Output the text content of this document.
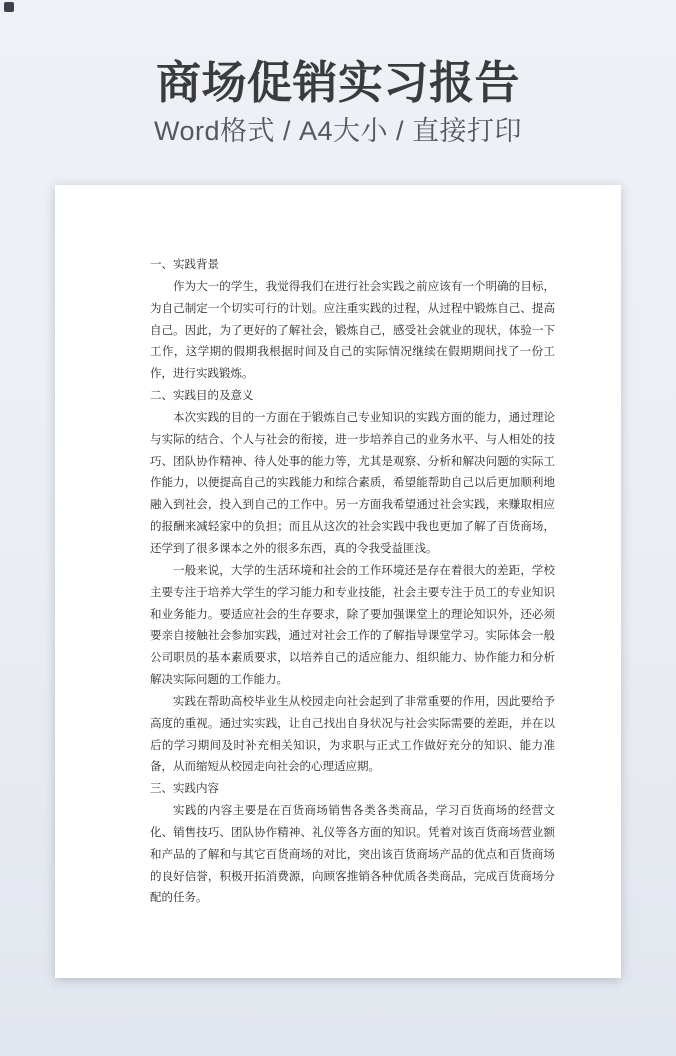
商场促销实习报告
Word格式 / A4大小 / 直接打印

一、实践背景

作为大一的学生，我觉得我们在进行社会实践之前应该有一个明确的目标，为自己制定一个切实可行的计划。应注重实践的过程，从过程中锻炼自己、提高自己。因此，为了更好的了解社会，锻炼自己，感受社会就业的现状，体验一下工作，这学期的假期我根据时间及自己的实际情况继续在假期期间找了一份工作，进行实践锻炼。

二、实践目的及意义

本次实践的目的一方面在于锻炼自己专业知识的实践方面的能力，通过理论与实际的结合、个人与社会的衔接，进一步培养自己的业务水平、与人相处的技巧、团队协作精神、待人处事的能力等，尤其是观察、分析和解决问题的实际工作能力，以便提高自己的实践能力和综合素质，希望能帮助自己以后更加顺利地融入到社会，投入到自己的工作中。另一方面我希望通过社会实践，来赚取相应的报酬来减轻家中的负担；而且从这次的社会实践中我也更加了解了百货商场，还学到了很多课本之外的很多东西，真的令我受益匪浅。

一般来说，大学的生活环境和社会的工作环境还是存在着很大的差距，学校主要专注于培养大学生的学习能力和专业技能，社会主要专注于员工的专业知识和业务能力。要适应社会的生存要求，除了要加强课堂上的理论知识外，还必须要亲自接触社会参加实践，通过对社会工作的了解指导课堂学习。实际体会一般公司职员的基本素质要求，以培养自己的适应能力、组织能力、协作能力和分析解决实际问题的工作能力。

实践在帮助高校毕业生从校园走向社会起到了非常重要的作用，因此要给予高度的重视。通过实实践，让自己找出自身状况与社会实际需要的差距，并在以后的学习期间及时补充相关知识，为求职与正式工作做好充分的知识、能力准备，从而缩短从校园走向社会的心理适应期。

三、实践内容

实践的内容主要是在百货商场销售各类各类商品，学习百货商场的经营文化、销售技巧、团队协作精神、礼仪等各方面的知识。凭着对该百货商场营业额和产品的了解和与其它百货商场的对比，突出该百货商场产品的优点和百货商场的良好信誉，积极开拓消费源，向顾客推销各种优质各类商品，完成百货商场分配的任务。
